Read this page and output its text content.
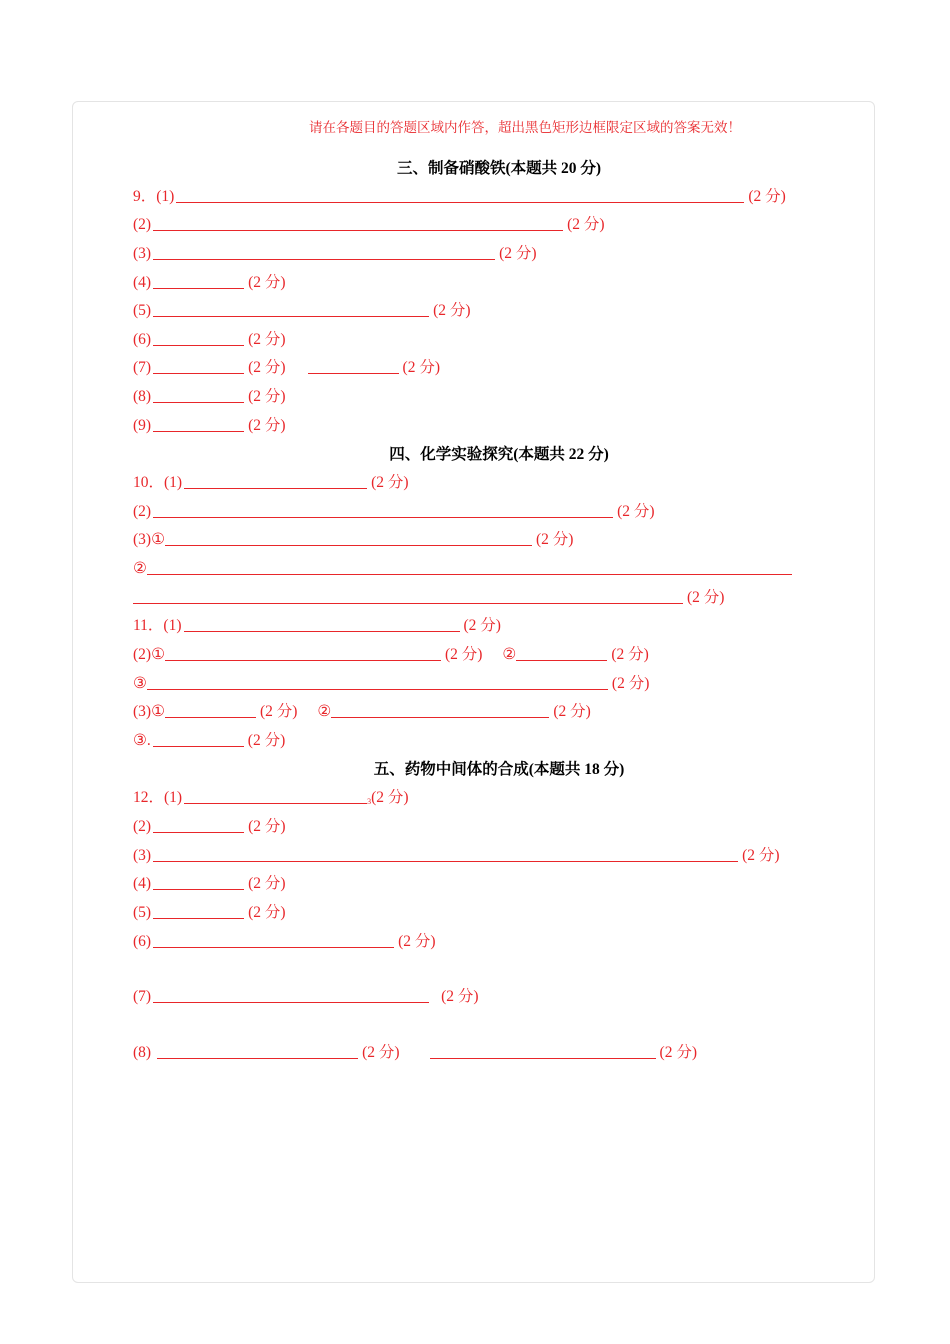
请在各题目的答题区域内作答，超出黑色矩形边框限定区域的答案无效！
三、制备硝酸铁(本题共 20 分)
9．(1)	(2 分)
(2)	(2 分)
(3)	(2 分)
(4)	(2 分)
(5)	(2 分)
(6)	(2 分)
(7)	(2 分)	(2 分)
(8)	(2 分)
(9)	(2 分)
四、化学实验探究(本题共 22 分)
10．(1)	(2 分)
(2)	(2 分)
(3)①	(2 分)
②
(2 分)
11．(1)	(2 分)
(2)①	(2 分) ②	(2 分)
③	(2 分)
(3)①	(2 分) ②	(2 分)
③.	(2 分)
五、药物中间体的合成(本题共 18 分)
12．(1)	3 (2 分)
(2)	(2 分)
(3)	(2 分)
(4)	(2 分)
(5)	(2 分)
(6)	(2 分)
(7)	(2 分)
(8)	(2 分)	(2 分)
